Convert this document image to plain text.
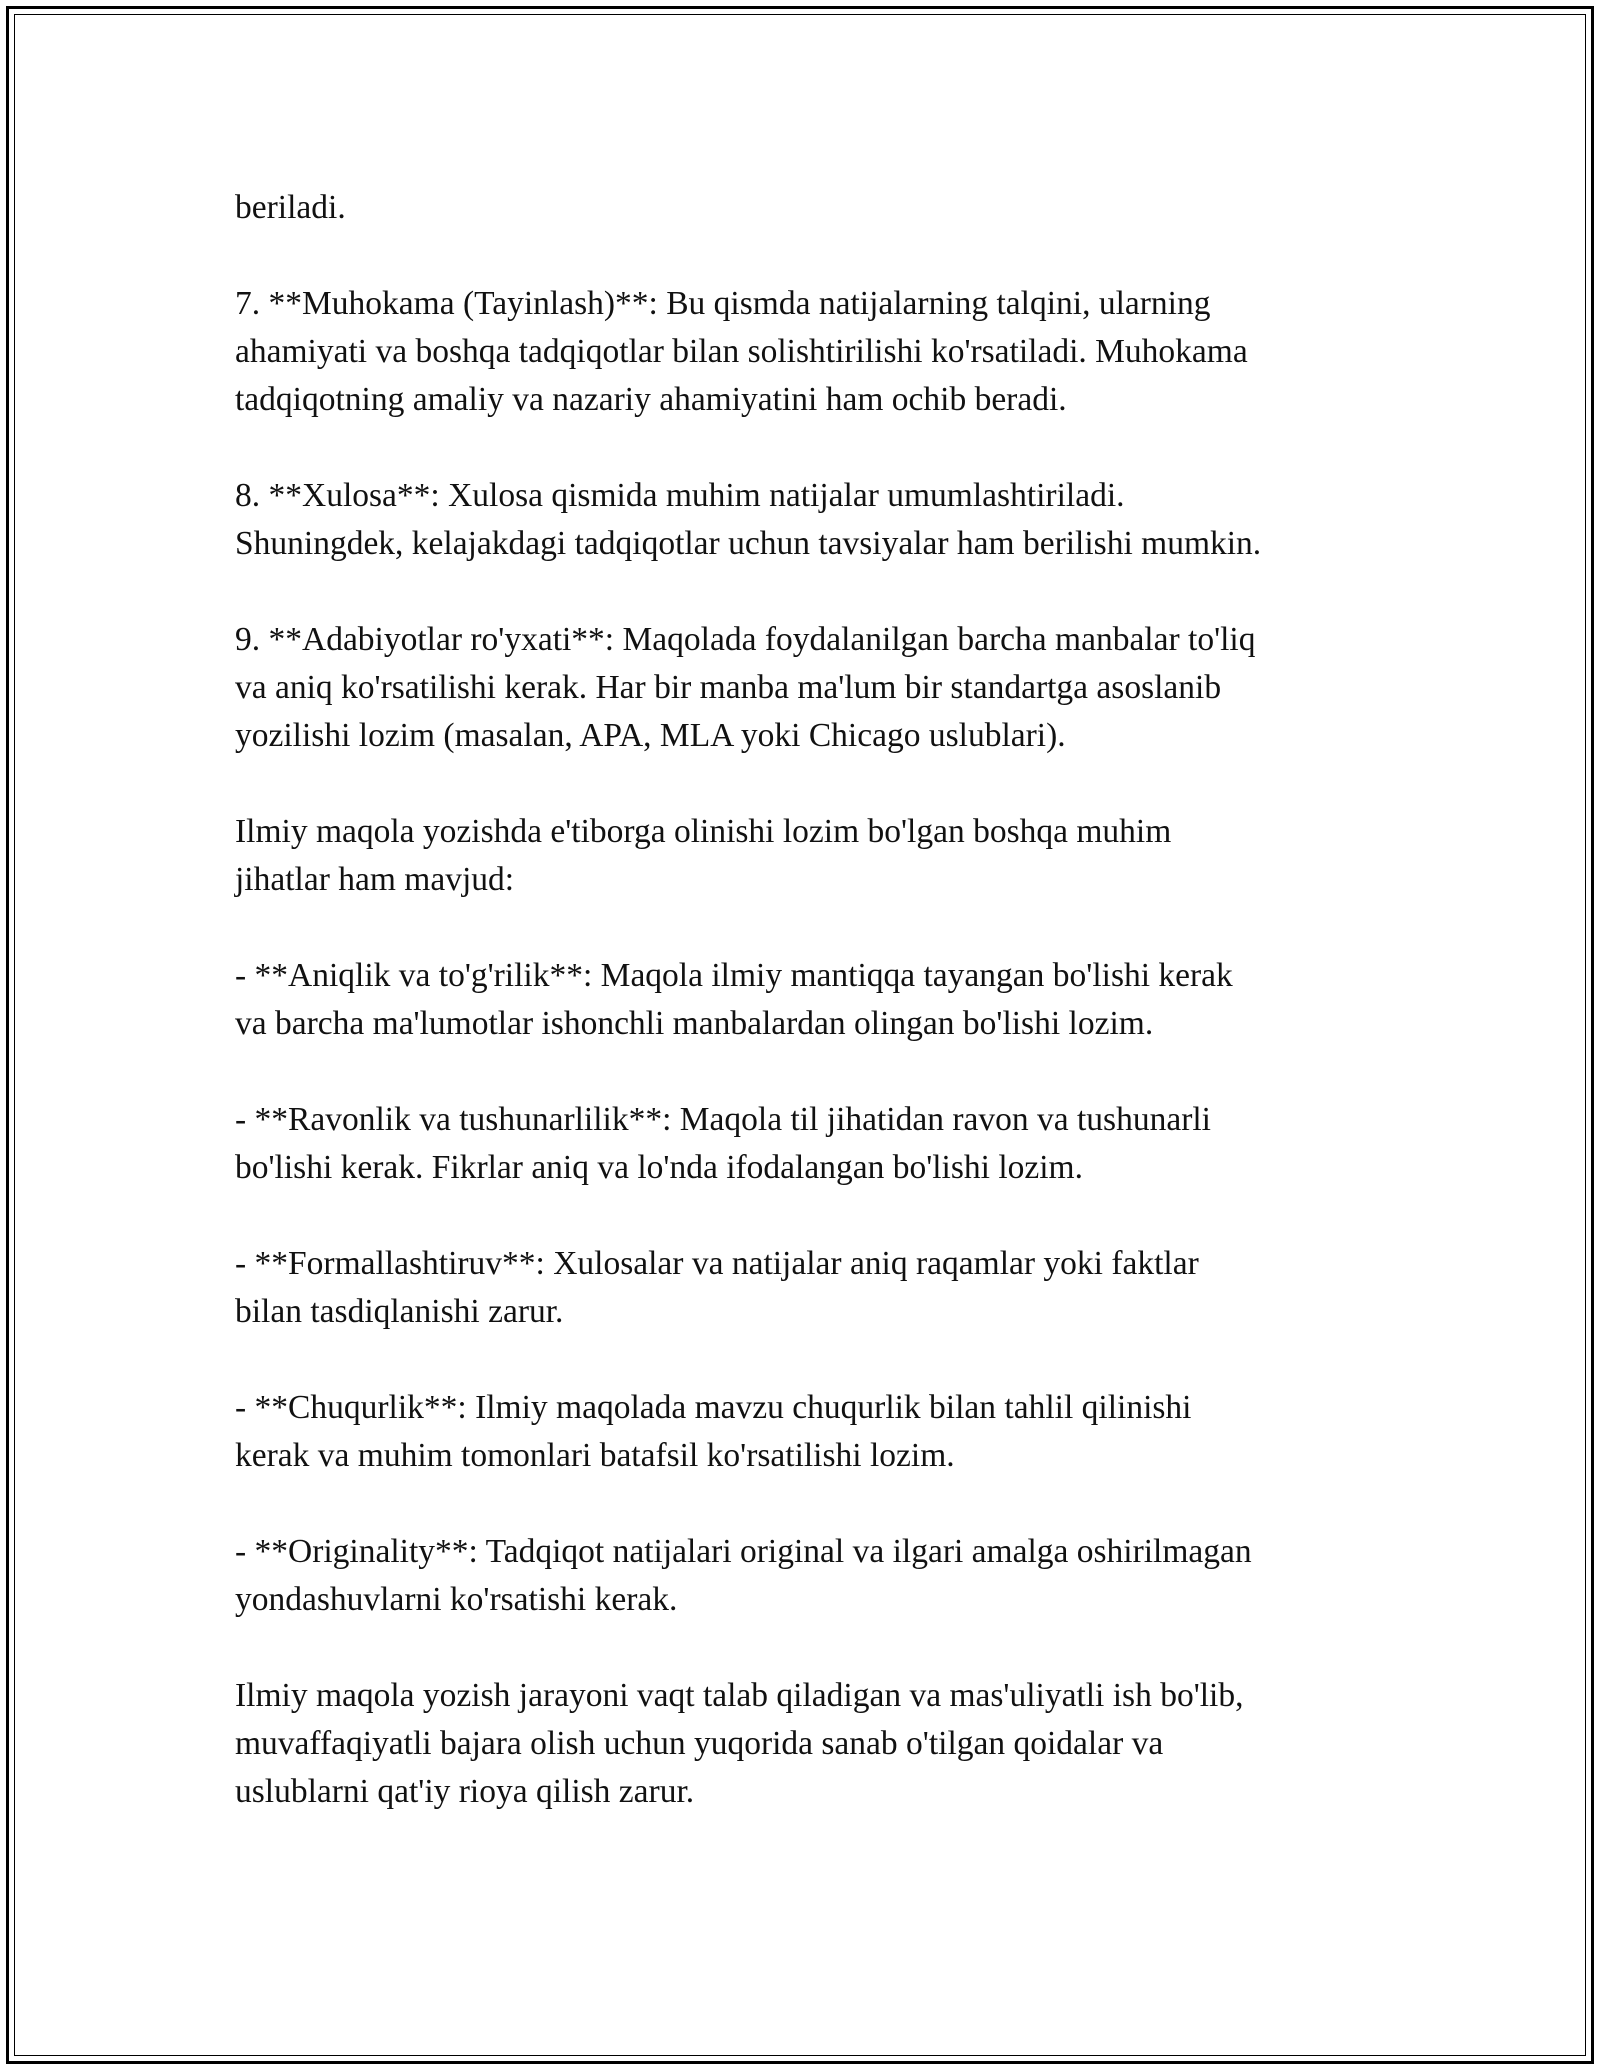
beriladi.

7. **Muhokama (Tayinlash)**: Bu qismda natijalarning talqini, ularning
ahamiyati va boshqa tadqiqotlar bilan solishtirilishi ko'rsatiladi. Muhokama
tadqiqotning amaliy va nazariy ahamiyatini ham ochib beradi.

8. **Xulosa**: Xulosa qismida muhim natijalar umumlashtiriladi.
Shuningdek, kelajakdagi tadqiqotlar uchun tavsiyalar ham berilishi mumkin.

9. **Adabiyotlar ro'yxati**: Maqolada foydalanilgan barcha manbalar to'liq
va aniq ko'rsatilishi kerak. Har bir manba ma'lum bir standartga asoslanib
yozilishi lozim (masalan, APA, MLA yoki Chicago uslublari).

Ilmiy maqola yozishda e'tiborga olinishi lozim bo'lgan boshqa muhim
jihatlar ham mavjud:

- **Aniqlik va to'g'rilik**: Maqola ilmiy mantiqqa tayangan bo'lishi kerak
va barcha ma'lumotlar ishonchli manbalardan olingan bo'lishi lozim.

- **Ravonlik va tushunarlilik**: Maqola til jihatidan ravon va tushunarli
bo'lishi kerak. Fikrlar aniq va lo'nda ifodalangan bo'lishi lozim.

- **Formallashtiruv**: Xulosalar va natijalar aniq raqamlar yoki faktlar
bilan tasdiqlanishi zarur.

- **Chuqurlik**: Ilmiy maqolada mavzu chuqurlik bilan tahlil qilinishi
kerak va muhim tomonlari batafsil ko'rsatilishi lozim.

- **Originality**: Tadqiqot natijalari original va ilgari amalga oshirilmagan
yondashuvlarni ko'rsatishi kerak.

Ilmiy maqola yozish jarayoni vaqt talab qiladigan va mas'uliyatli ish bo'lib,
muvaffaqiyatli bajara olish uchun yuqorida sanab o'tilgan qoidalar va
uslublarni qat'iy rioya qilish zarur.
